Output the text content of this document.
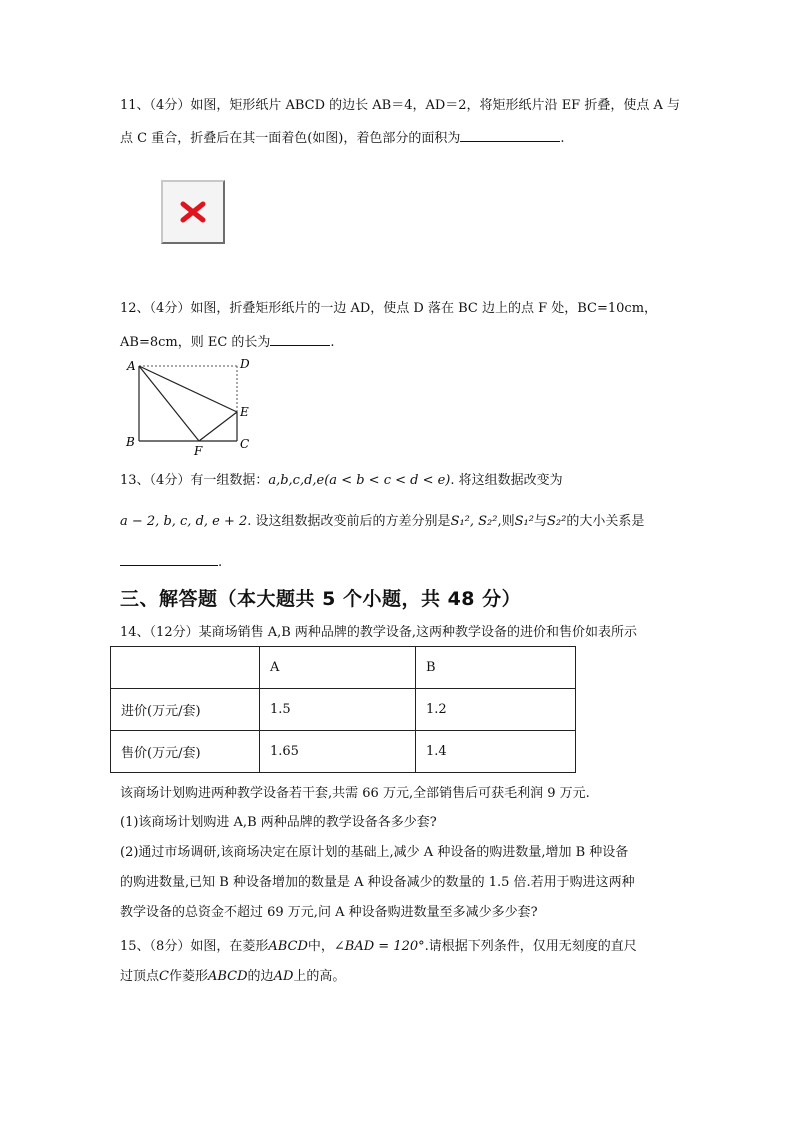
11、（4分）如图，矩形纸片 ABCD 的边长 AB＝4，AD＝2，将矩形纸片沿 EF 折叠，使点 A 与
点 C 重合，折叠后在其一面着色(如图)，着色部分的面积为	.
12、（4分）如图，折叠矩形纸片的一边 AD，使点 D 落在 BC 边上的点 F 处，BC=10cm，
AB=8cm，则 EC 的长为	.
A	D
E
B
F	C
13、（4分）有一组数据：a,b,c,d,e(a < b < c < d < e). 将这组数据改变为
a − 2, b, c, d, e + 2. 设这组数据改变前后的方差分别是S₁², S₂²,则S₁²与S₂²的大小关系是
.
三、解答题（本大题共 5 个小题，共 48 分）
14、（12分）某商场销售 A,B 两种品牌的教学设备,这两种教学设备的进价和售价如表所示
	A	B
进价(万元/套)	1.5	1.2
售价(万元/套)	1.65	1.4
该商场计划购进两种教学设备若干套,共需 66 万元,全部销售后可获毛利润 9 万元.
(1)该商场计划购进 A,B 两种品牌的教学设备各多少套?
(2)通过市场调研,该商场决定在原计划的基础上,减少 A 种设备的购进数量,增加 B 种设备
的购进数量,已知 B 种设备增加的数量是 A 种设备减少的数量的 1.5 倍.若用于购进这两种
教学设备的总资金不超过 69 万元,问 A 种设备购进数量至多减少多少套?
15、（8分）如图，在菱形ABCD中，∠BAD = 120°.请根据下列条件，仅用无刻度的直尺
过顶点C作菱形ABCD的边AD上的高。
